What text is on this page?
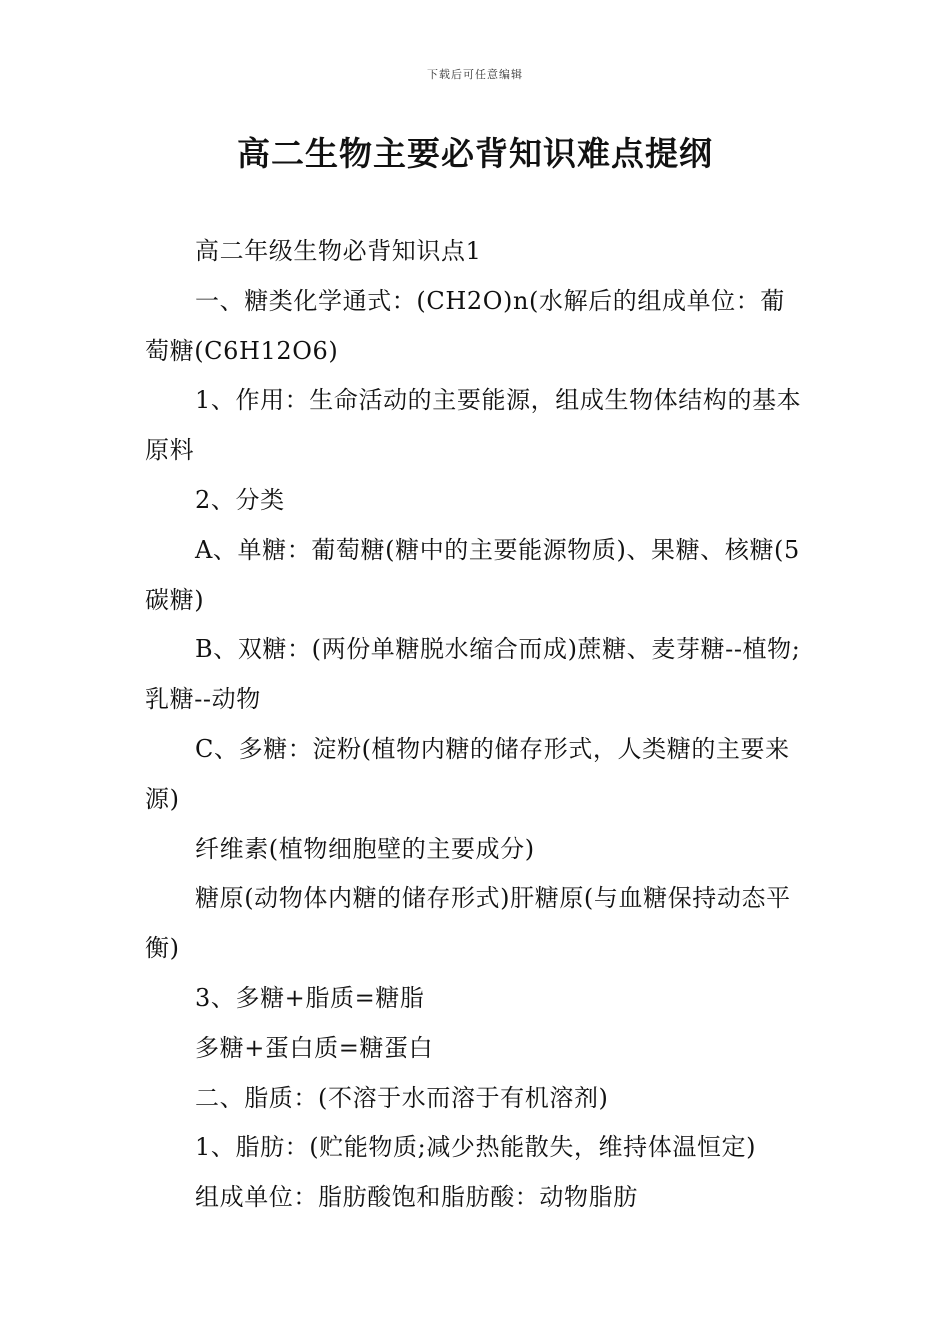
下载后可任意编辑
高二生物主要必背知识难点提纲

高二年级生物必背知识点1

一、糖类化学通式：(CH2O)n(水解后的组成单位：葡萄糖(C6H12O6)

1、作用：生命活动的主要能源，组成生物体结构的基本原料

2、分类

A、单糖：葡萄糖(糖中的主要能源物质)、果糖、核糖(5碳糖)

B、双糖：(两份单糖脱水缩合而成)蔗糖、麦芽糖--植物;乳糖--动物

C、多糖：淀粉(植物内糖的储存形式，人类糖的主要来源)

纤维素(植物细胞壁的主要成分)

糖原(动物体内糖的储存形式)肝糖原(与血糖保持动态平衡)

3、多糖+脂质=糖脂

多糖+蛋白质=糖蛋白

二、脂质：(不溶于水而溶于有机溶剂)

1、脂肪：(贮能物质;减少热能散失，维持体温恒定)

组成单位：脂肪酸饱和脂肪酸：动物脂肪
